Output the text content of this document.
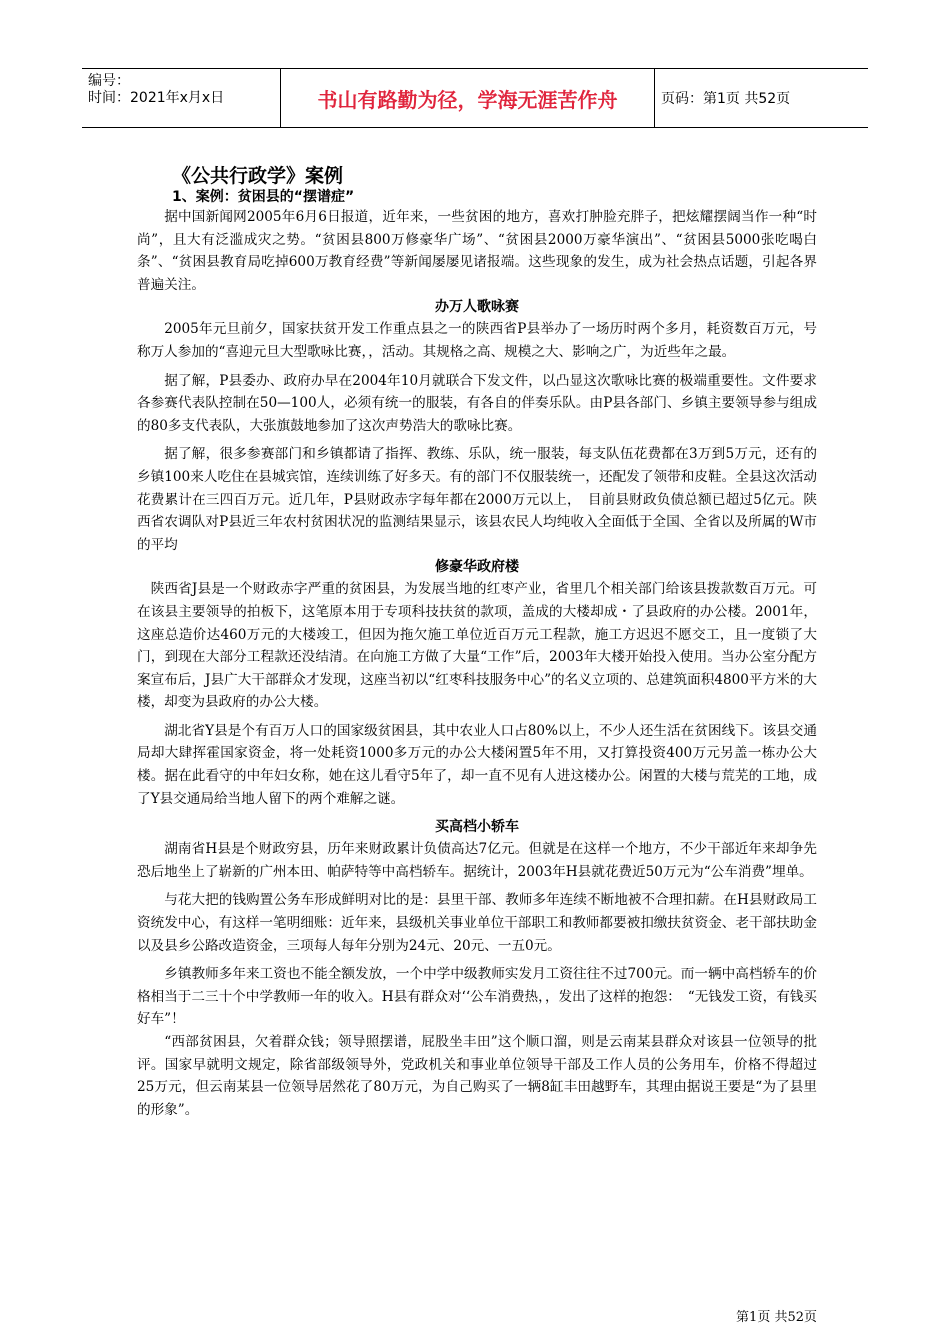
编号：
时间：2021年x月x日	书山有路勤为径，学海无涯苦作舟	页码：第1页 共52页
《公共行政学》案例
1、案例：贫困县的“摆谱症”

据中国新闻网2005年6月6日报道，近年来，一些贫困的地方，喜欢打肿脸充胖子，把炫耀摆阔当作一种“时尚”，且大有泛滥成灾之势。“贫困县800万修豪华广场”、“贫困县2000万豪华演出”、“贫困县5000张吃喝白条”、“贫困县教育局吃掉600万教育经费”等新闻屡屡见诸报端。这些现象的发生，成为社会热点话题，引起各界普遍关注。

办万人歌咏赛

2005年元旦前夕，国家扶贫开发工作重点县之一的陕西省P县举办了一场历时两个多月，耗资数百万元，号称万人参加的“喜迎元旦大型歌咏比赛，，活动。其规格之高、规模之大、影响之广，为近些年之最。

据了解，P县委办、政府办早在2004年10月就联合下发文件，以凸显这次歌咏比赛的极端重要性。文件要求各参赛代表队控制在50—100人，必须有统一的服装，有各自的伴奏乐队。由P县各部门、乡镇主要领导参与组成的80多支代表队，大张旗鼓地参加了这次声势浩大的歌咏比赛。

据了解，很多参赛部门和乡镇都请了指挥、教练、乐队，统一服装，每支队伍花费都在3万到5万元，还有的乡镇100来人吃住在县城宾馆，连续训练了好多天。有的部门不仅服装统一，还配发了领带和皮鞋。全县这次活动花费累计在三四百万元。近几年，P县财政赤字每年都在2000万元以上，　目前县财政负债总额已超过5亿元。陕西省农调队对P县近三年农村贫困状况的监测结果显示，该县农民人均纯收入全面低于全国、全省以及所属的W市的平均

修豪华政府楼

陕西省J县是一个财政赤字严重的贫困县，为发展当地的红枣产业，省里几个相关部门给该县拨款数百万元。可在该县主要领导的拍板下，这笔原本用于专项科技扶贫的款项，盖成的大楼却成・了县政府的办公楼。2001年，这座总造价达460万元的大楼竣工，但因为拖欠施工单位近百万元工程款，施工方迟迟不愿交工，且一度锁了大门，到现在大部分工程款还没结清。在向施工方做了大量“工作”后，2003年大楼开始投入使用。当办公室分配方案宣布后，J县广大干部群众才发现，这座当初以“红枣科技服务中心”的名义立项的、总建筑面积4800平方米的大楼，却变为县政府的办公大楼。

湖北省Y县是个有百万人口的国家级贫困县，其中农业人口占80%以上，不少人还生活在贫困线下。该县交通局却大肆挥霍国家资金，将一处耗资1000多万元的办公大楼闲置5年不用，又打算投资400万元另盖一栋办公大楼。据在此看守的中年妇女称，她在这儿看守5年了，却一直不见有人进这楼办公。闲置的大楼与荒芜的工地，成了Y县交通局给当地人留下的两个难解之谜。

买高档小轿车

湖南省H县是个财政穷县，历年来财政累计负债高达7亿元。但就是在这样一个地方，不少干部近年来却争先恐后地坐上了崭新的广州本田、帕萨特等中高档轿车。据统计，2003年H县就花费近50万元为“公车消费”埋单。

与花大把的钱购置公务车形成鲜明对比的是：县里干部、教师多年连续不断地被不合理扣薪。在H县财政局工资统发中心，有这样一笔明细账：近年来，县级机关事业单位干部职工和教师都要被扣缴扶贫资金、老干部扶助金以及县乡公路改造资金，三项每人每年分别为24元、20元、一五0元。

乡镇教师多年来工资也不能全额发放，一个中学中级教师实发月工资往往不过700元。而一辆中高档轿车的价格相当于二三十个中学教师一年的收入。H县有群众对‘‘公车消费热，，发出了这样的抱怨：　“无钱发工资，有钱买好车”！

“西部贫困县，欠着群众钱；领导照摆谱，屁股坐丰田”这个顺口溜，则是云南某县群众对该县一位领导的批评。国家早就明文规定，除省部级领导外，党政机关和事业单位领导干部及工作人员的公务用车，价格不得超过25万元，但云南某县一位领导居然花了80万元，为自己购买了一辆8缸丰田越野车，其理由据说王要是“为了县里的形象”。

第1页 共52页
